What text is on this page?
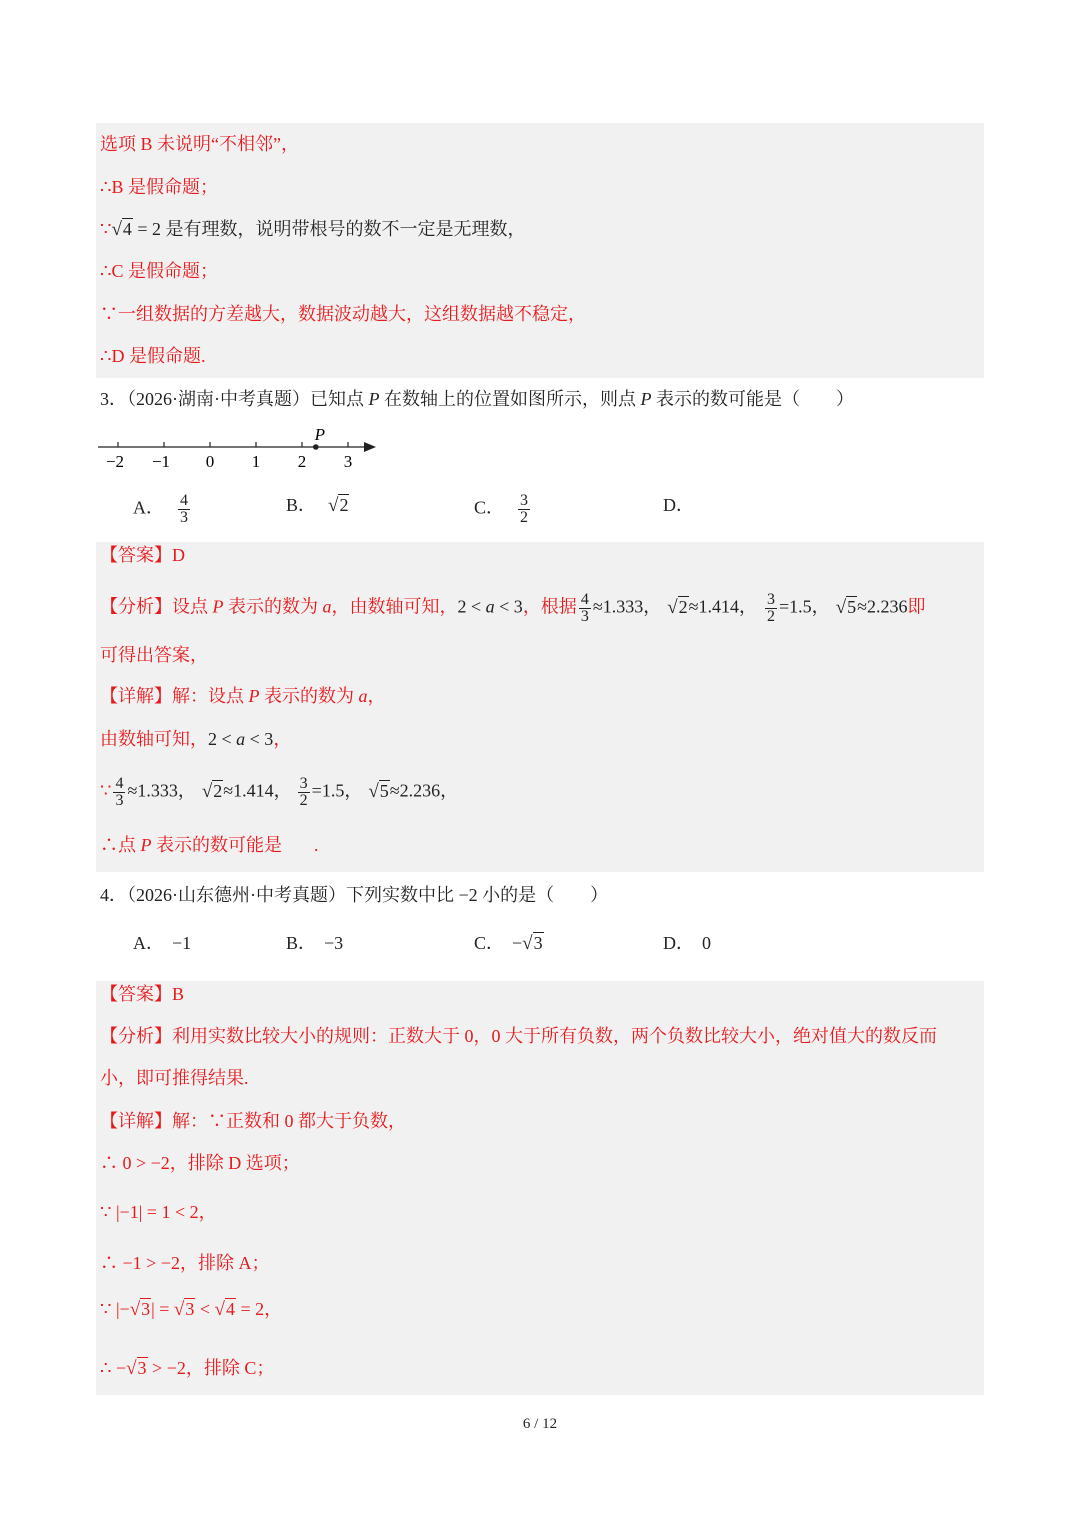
选项 B 未说明“不相邻”，
∴B 是假命题；
∵√4 = 2 是有理数，说明带根号的数不一定是无理数，
∴C 是假命题；
∵一组数据的方差越大，数据波动越大，这组数据越不稳定，
∴D 是假命题.
3．（2026·湖南·中考真题）已知点 P 在数轴上的位置如图所示，则点 P 表示的数可能是（　　）
−2 −1 0 1 2 3
P
A． $\frac{4}{3}$	B． √2	C． $\frac{3}{2}$	D．
【答案】D
【分析】设点 P 表示的数为 a，由数轴可知，2 < a < 3，根据 $\frac{4}{3} \approx 1.333$， √2≈1.414， $\frac{3}{2} =1.5$， √5≈2.236即
可得出答案，
【详解】解：设点 P 表示的数为 a，
由数轴可知，2 < a < 3，
∵ $\frac{4}{3} \approx 1.333$， √2≈1.414， $\frac{3}{2} =1.5$， √5≈2.236，
∴点 P 表示的数可能是 .
4．（2026·山东德州·中考真题）下列实数中比 −2 小的是（　　）
A． −1	B． −3	C． −√3	D． 0
【答案】B
【分析】利用实数比较大小的规则：正数大于 0，0 大于所有负数，两个负数比较大小，绝对值大的数反而
小，即可推得结果.
【详解】解：∵正数和 0 都大于负数，
∴ 0 > −2，排除 D 选项；
∵ |−1| = 1 < 2，
∴ −1 > −2，排除 A；
∵ |−√3| = √3 < √4 = 2，
∴ −√3 > −2，排除 C；
6 / 12
